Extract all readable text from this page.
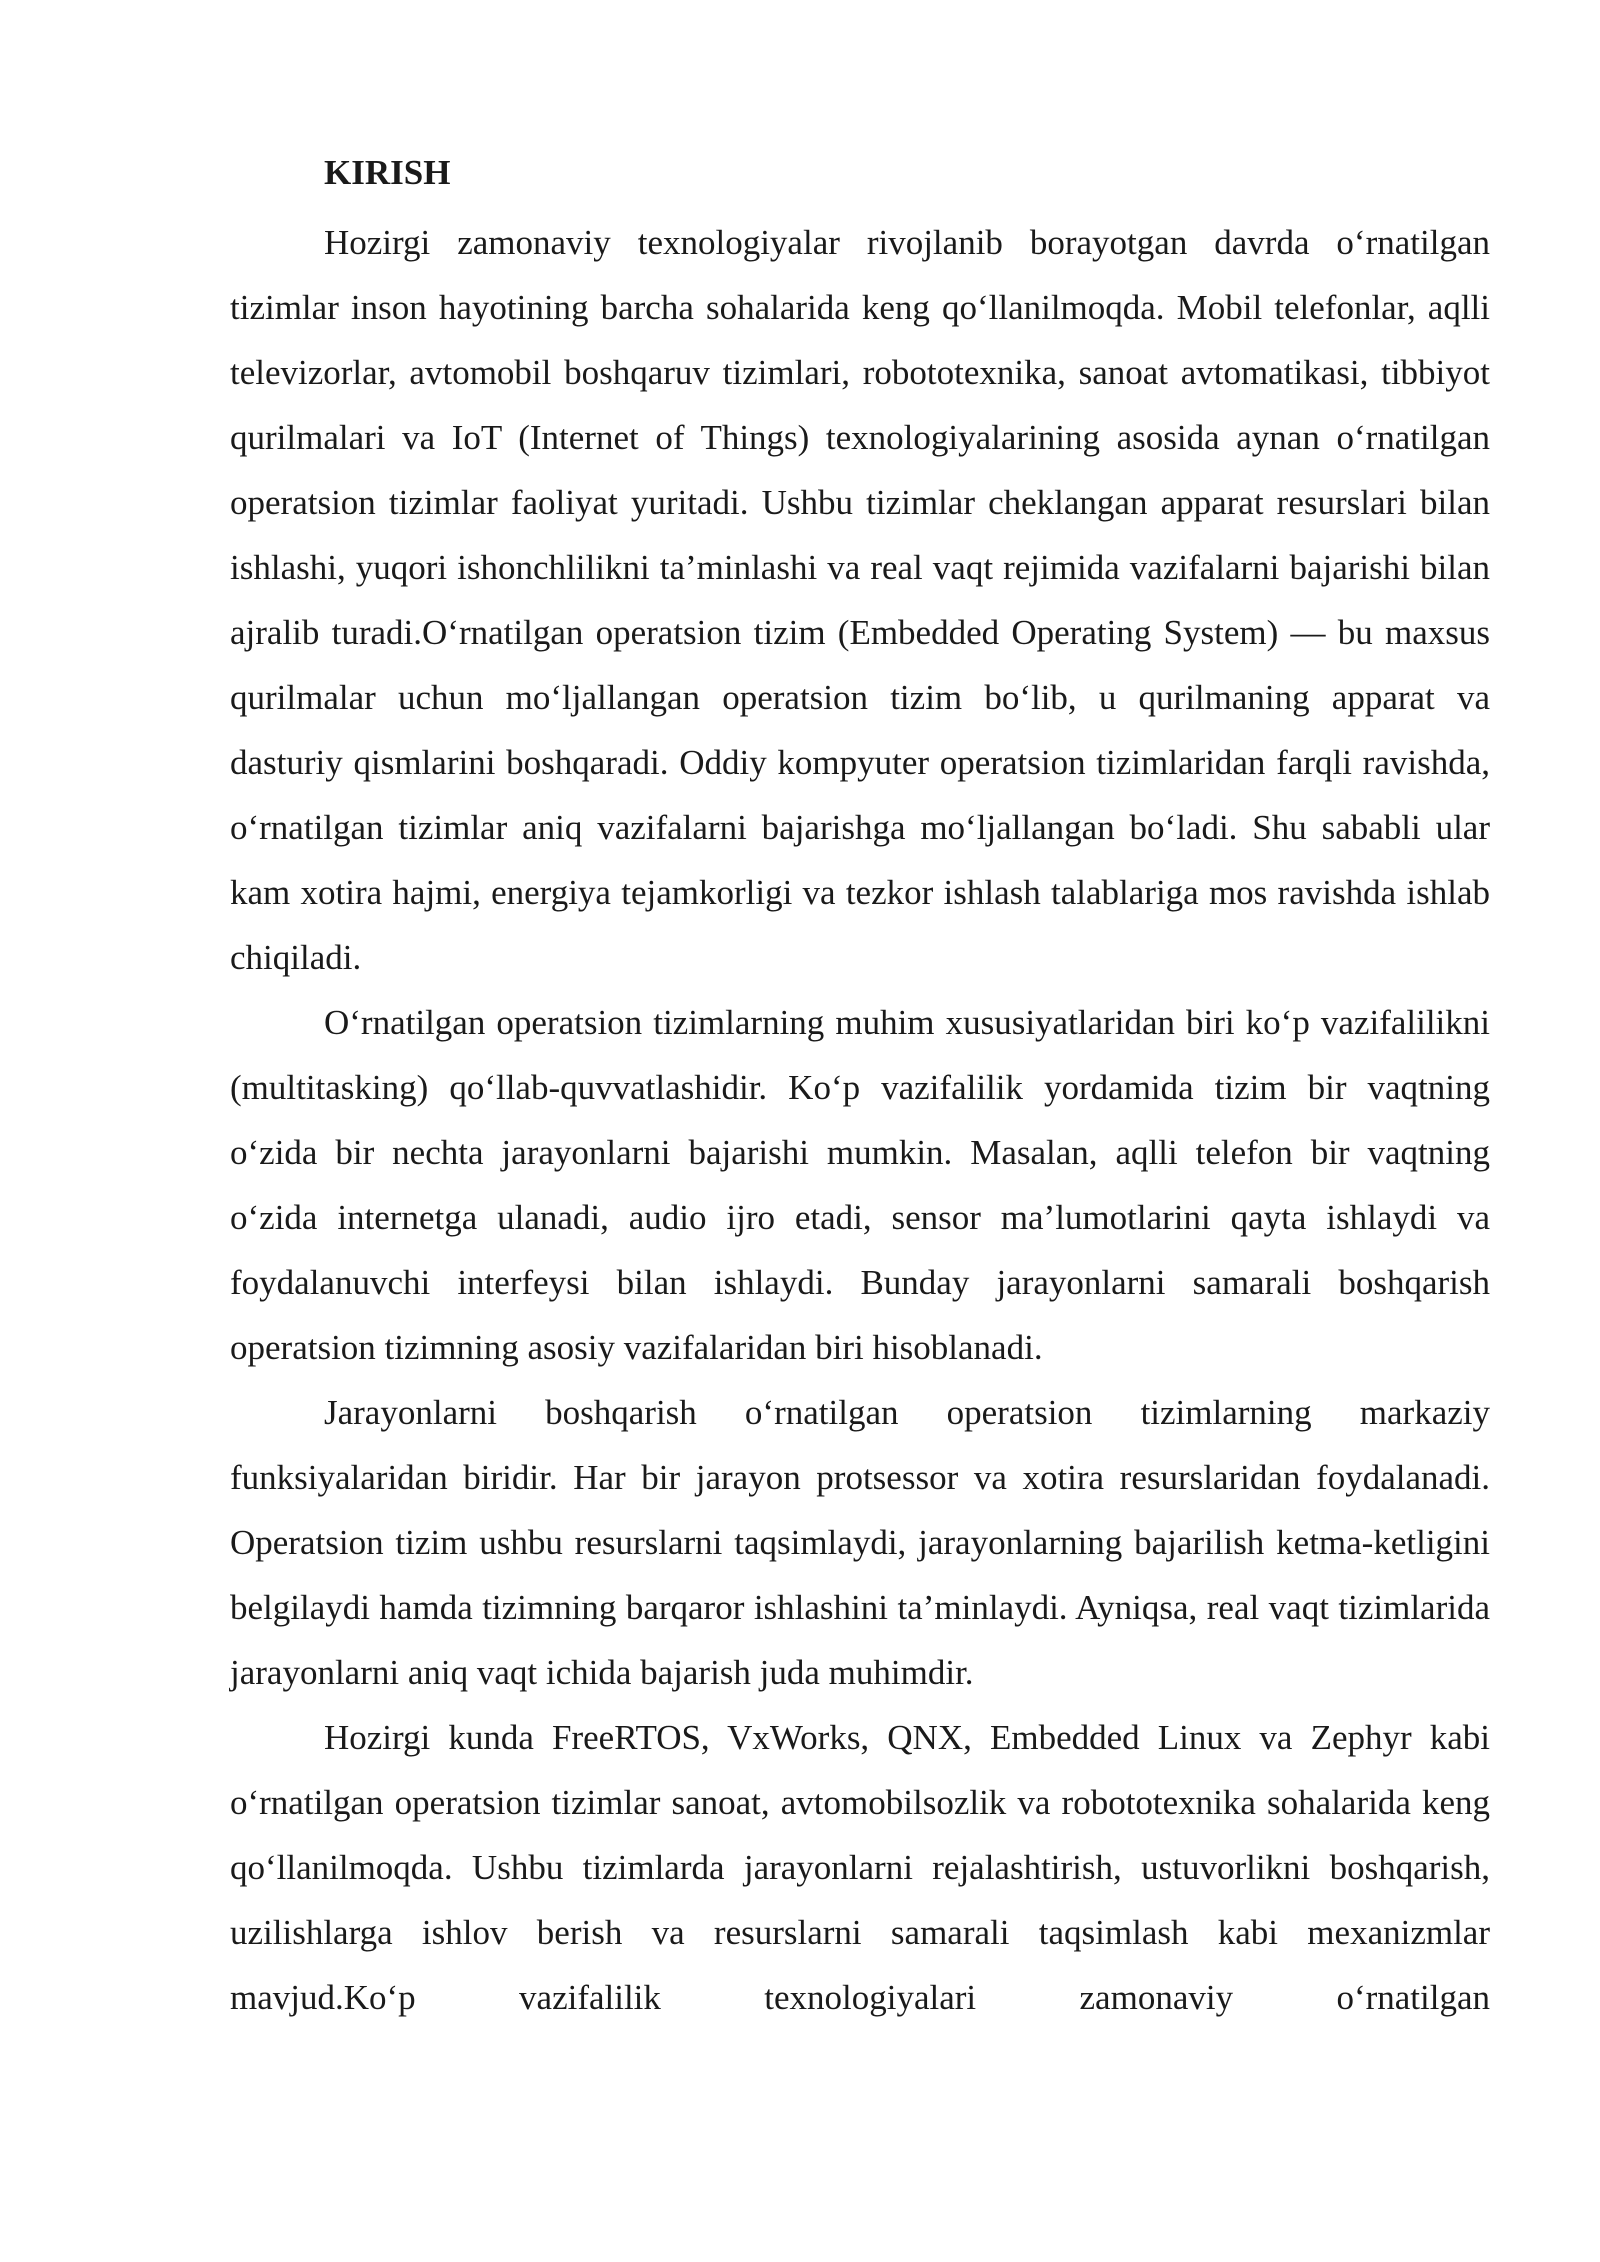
KIRISH

Hozirgi zamonaviy texnologiyalar rivojlanib borayotgan davrda o‘rnatilgan tizimlar inson hayotining barcha sohalarida keng qo‘llanilmoqda. Mobil telefonlar, aqlli televizorlar, avtomobil boshqaruv tizimlari, robototexnika, sanoat avtomatikasi, tibbiyot qurilmalari va IoT (Internet of Things) texnologiyalarining asosida aynan o‘rnatilgan operatsion tizimlar faoliyat yuritadi. Ushbu tizimlar cheklangan apparat resurslari bilan ishlashi, yuqori ishonchlilikni ta’minlashi va real vaqt rejimida vazifalarni bajarishi bilan ajralib turadi.O‘rnatilgan operatsion tizim (Embedded Operating System) — bu maxsus qurilmalar uchun mo‘ljallangan operatsion tizim bo‘lib, u qurilmaning apparat va dasturiy qismlarini boshqaradi. Oddiy kompyuter operatsion tizimlaridan farqli ravishda, o‘rnatilgan tizimlar aniq vazifalarni bajarishga mo‘ljallangan bo‘ladi. Shu sababli ular kam xotira hajmi, energiya tejamkorligi va tezkor ishlash talablariga mos ravishda ishlab chiqiladi.

O‘rnatilgan operatsion tizimlarning muhim xususiyatlaridan biri ko‘p vazifalilikni (multitasking) qo‘llab-quvvatlashidir. Ko‘p vazifalilik yordamida tizim bir vaqtning o‘zida bir nechta jarayonlarni bajarishi mumkin. Masalan, aqlli telefon bir vaqtning o‘zida internetga ulanadi, audio ijro etadi, sensor ma’lumotlarini qayta ishlaydi va foydalanuvchi interfeysi bilan ishlaydi. Bunday jarayonlarni samarali boshqarish operatsion tizimning asosiy vazifalaridan biri hisoblanadi.

Jarayonlarni boshqarish o‘rnatilgan operatsion tizimlarning markaziy funksiyalaridan biridir. Har bir jarayon protsessor va xotira resurslaridan foydalanadi. Operatsion tizim ushbu resurslarni taqsimlaydi, jarayonlarning bajarilish ketma-ketligini belgilaydi hamda tizimning barqaror ishlashini ta’minlaydi. Ayniqsa, real vaqt tizimlarida jarayonlarni aniq vaqt ichida bajarish juda muhimdir.

Hozirgi kunda FreeRTOS, VxWorks, QNX, Embedded Linux va Zephyr kabi o‘rnatilgan operatsion tizimlar sanoat, avtomobilsozlik va robototexnika sohalarida keng qo‘llanilmoqda. Ushbu tizimlarda jarayonlarni rejalashtirish, ustuvorlikni boshqarish, uzilishlarga ishlov berish va resurslarni samarali taqsimlash kabi mexanizmlar mavjud.Ko‘p vazifalilik texnologiyalari zamonaviy o‘rnatilgan
